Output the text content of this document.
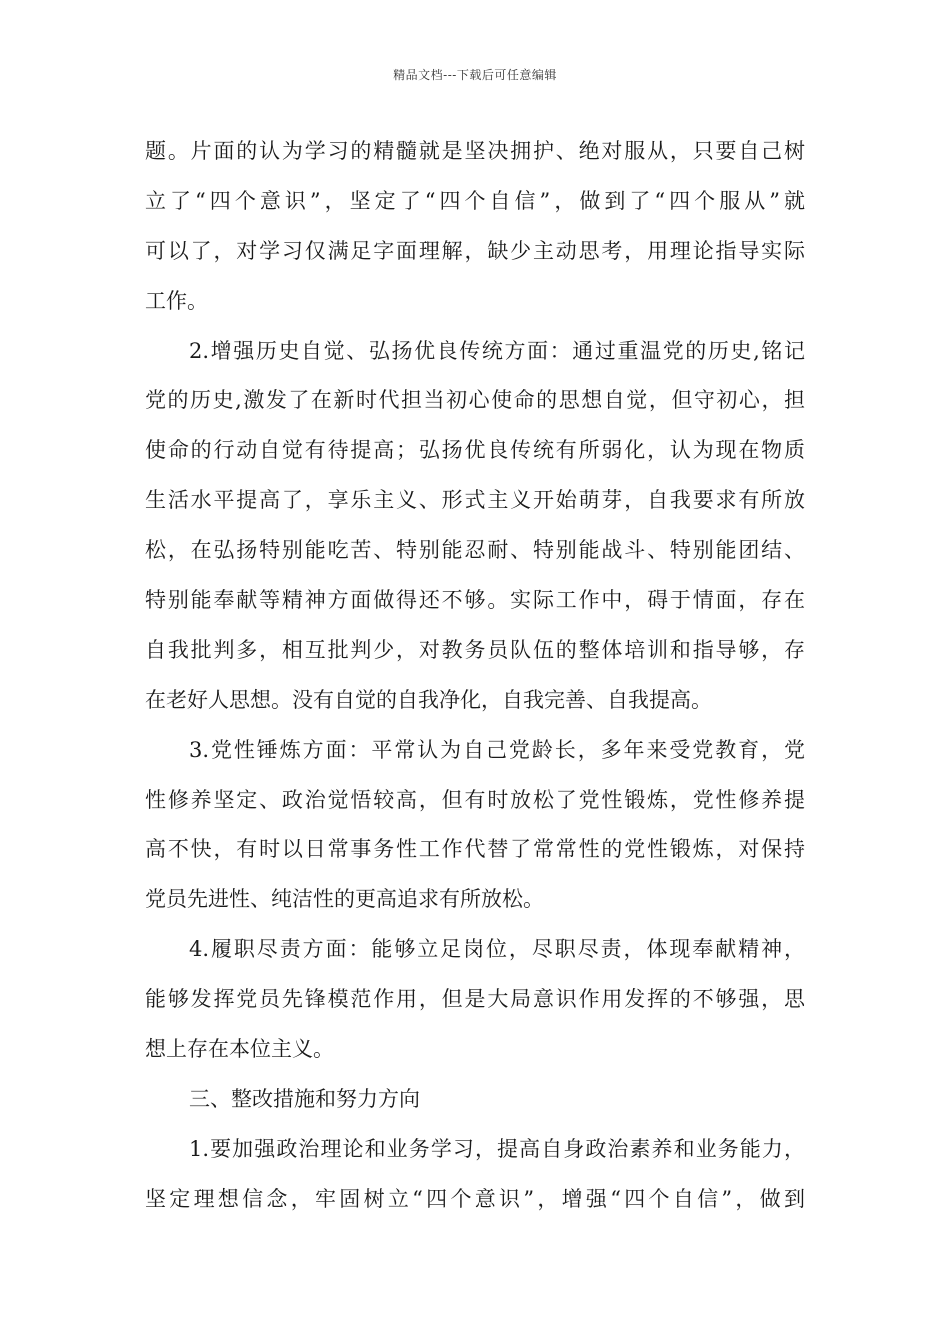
精品文档---下载后可任意编辑
题。片面的认为学习的精髓就是坚决拥护、绝对服从，只要自己树
立了“四个意识”，坚定了“四个自信”，做到了“四个服从”就
可以了，对学习仅满足字面理解，缺少主动思考，用理论指导实际
工作。
2.增强历史自觉、弘扬优良传统方面：通过重温党的历史,铭记
党的历史,激发了在新时代担当初心使命的思想自觉，但守初心，担
使命的行动自觉有待提高；弘扬优良传统有所弱化，认为现在物质
生活水平提高了，享乐主义、形式主义开始萌芽，自我要求有所放
松，在弘扬特别能吃苦、特别能忍耐、特别能战斗、特别能团结、
特别能奉献等精神方面做得还不够。实际工作中，碍于情面，存在
自我批判多，相互批判少，对教务员队伍的整体培训和指导够，存
在老好人思想。没有自觉的自我净化，自我完善、自我提高。
3.党性锤炼方面：平常认为自己党龄长，多年来受党教育，党
性修养坚定、政治觉悟较高，但有时放松了党性锻炼，党性修养提
高不快，有时以日常事务性工作代替了常常性的党性锻炼，对保持
党员先进性、纯洁性的更高追求有所放松。
4.履职尽责方面：能够立足岗位，尽职尽责，体现奉献精神，
能够发挥党员先锋模范作用，但是大局意识作用发挥的不够强，思
想上存在本位主义。
三、整改措施和努力方向
1.要加强政治理论和业务学习，提高自身政治素养和业务能力，
坚定理想信念，牢固树立“四个意识”，增强“四个自信”，做到
